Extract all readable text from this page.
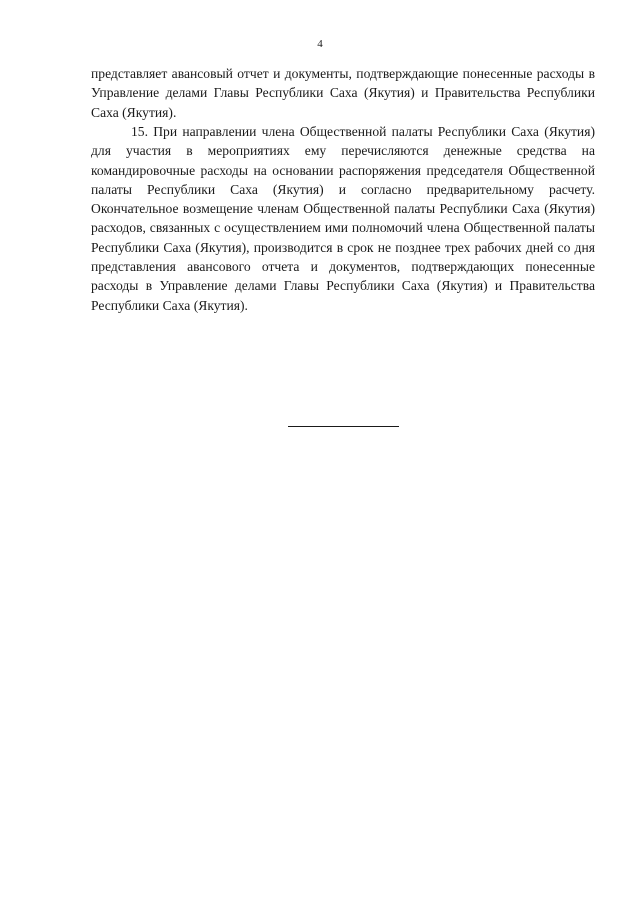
4

представляет авансовый отчет и документы, подтверждающие понесенные расходы в Управление делами Главы Республики Саха (Якутия) и Правительства Республики Саха (Якутия).

15. При направлении члена Общественной палаты Республики Саха (Якутия) для участия в мероприятиях ему перечисляются денежные средства на командировочные расходы на основании распоряжения председателя Общественной палаты Республики Саха (Якутия) и согласно предварительному расчету. Окончательное возмещение членам Общественной палаты Республики Саха (Якутия) расходов, связанных с осуществлением ими полномочий члена Общественной палаты Республики Саха (Якутия), производится в срок не позднее трех рабочих дней со дня представления авансового отчета и документов, подтверждающих понесенные расходы в Управление делами Главы Республики Саха (Якутия) и Правительства Республики Саха (Якутия).
